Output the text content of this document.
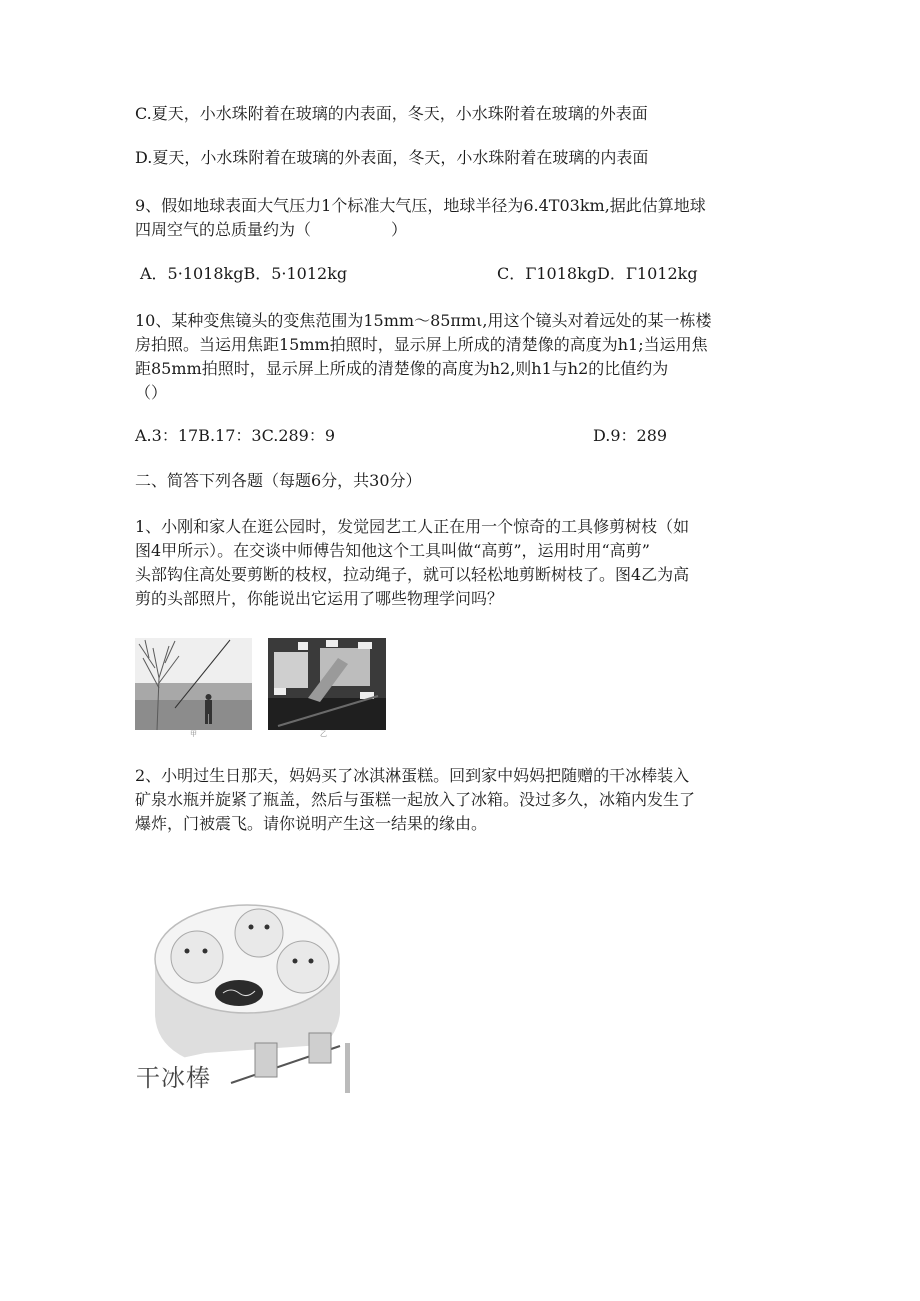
C.夏天，小水珠附着在玻璃的内表面，冬天，小水珠附着在玻璃的外表面
D.夏天，小水珠附着在玻璃的外表面，冬天，小水珠附着在玻璃的内表面
9、假如地球表面大气压力1个标准大气压，地球半径为6.4T03km,据此估算地球
四周空气的总质量约为（　　　　　）
A．5·1018kgB．5·1012kg	C．Γ1018kgD．Γ1012kg
10、某种变焦镜头的变焦范围为15mm～85πmι,用这个镜头对着远处的某一栋楼
房拍照。当运用焦距15mm拍照时，显示屏上所成的清楚像的高度为h1;当运用焦
距85mm拍照时，显示屏上所成的清楚像的高度为h2,则h1与h2的比值约为
（）
A.3：17B.17：3C.289：9	D.9：289
二、简答下列各题（每题6分，共30分）
1、小刚和家人在逛公园时，发觉园艺工人正在用一个惊奇的工具修剪树枝（如
图4甲所示）。在交谈中师傅告知他这个工具叫做“高剪”，运用时用“高剪”
头部钩住高处要剪断的枝杈，拉动绳子，就可以轻松地剪断树枝了。图4乙为高
剪的头部照片，你能说出它运用了哪些物理学问吗？
甲	乙
2、小明过生日那天，妈妈买了冰淇淋蛋糕。回到家中妈妈把随赠的干冰棒装入
矿泉水瓶并旋紧了瓶盖，然后与蛋糕一起放入了冰箱。没过多久，冰箱内发生了
爆炸，门被震飞。请你说明产生这一结果的缘由。
干冰棒
